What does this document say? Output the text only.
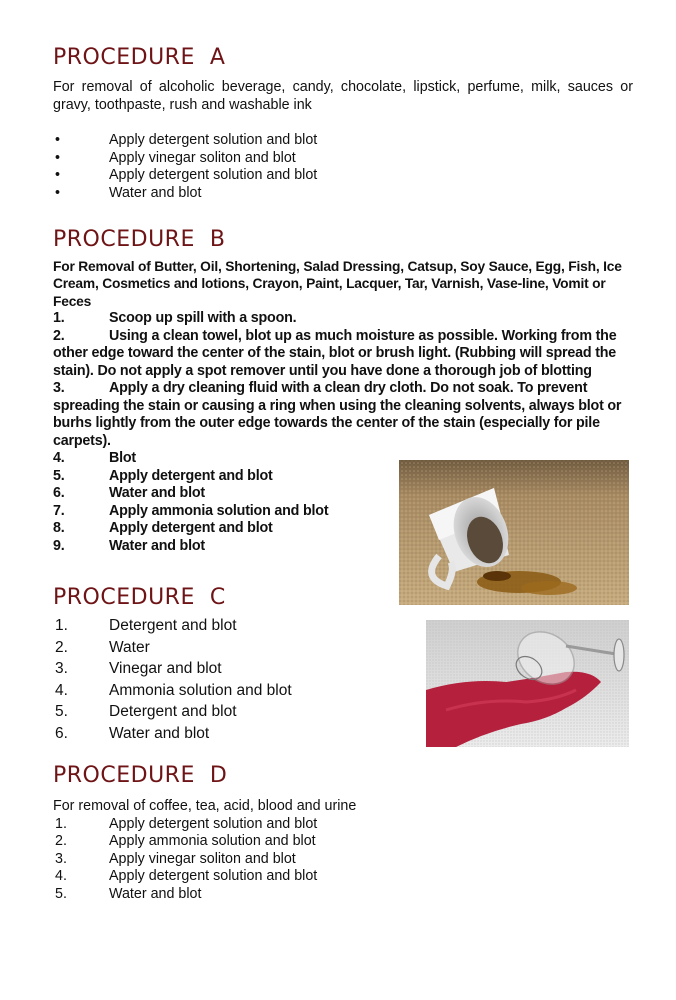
PROCEDURE  A

For removal of alcoholic beverage, candy, chocolate, lipstick, perfume, milk, sauces or gravy, toothpaste, rush and washable ink

•	Apply detergent solution and blot
•	Apply vinegar soliton and blot
•	Apply detergent solution and blot
•	Water and blot
PROCEDURE  B

For Removal of Butter, Oil, Shortening, Salad Dressing, Catsup, Soy Sauce, Egg, Fish, Ice Cream, Cosmetics and lotions, Crayon, Paint, Lacquer, Tar, Varnish, Vase-line, Vomit or Feces

1.	Scoop up spill with a spoon.
2.	Using a clean towel, blot up as much moisture as possible. Working from the other edge toward the center of the stain, blot or brush light. (Rubbing will spread the stain). Do not apply a spot remover until you have done a thorough job of blotting
3.	Apply a dry cleaning fluid with a clean dry cloth. Do not soak. To prevent spreading the stain or causing a ring when using the cleaning solvents, always blot or burhs lightly from the outer edge towards the center of the stain (especially for pile carpets).
4.	Blot
5.	Apply detergent and blot
6.	Water and blot
7.	Apply ammonia solution and blot
8.	Apply detergent and blot
9.	Water and blot
PROCEDURE  C
1.	Detergent and blot
2.	Water
3.	Vinegar and blot
4.	Ammonia solution and blot
5.	Detergent and blot
6.	Water and blot
PROCEDURE  D

For removal of coffee, tea, acid, blood and urine

1.	Apply detergent solution and blot
2.	Apply ammonia solution and blot
3.	Apply vinegar soliton and blot
4.	Apply detergent solution and blot
5.	Water and blot
